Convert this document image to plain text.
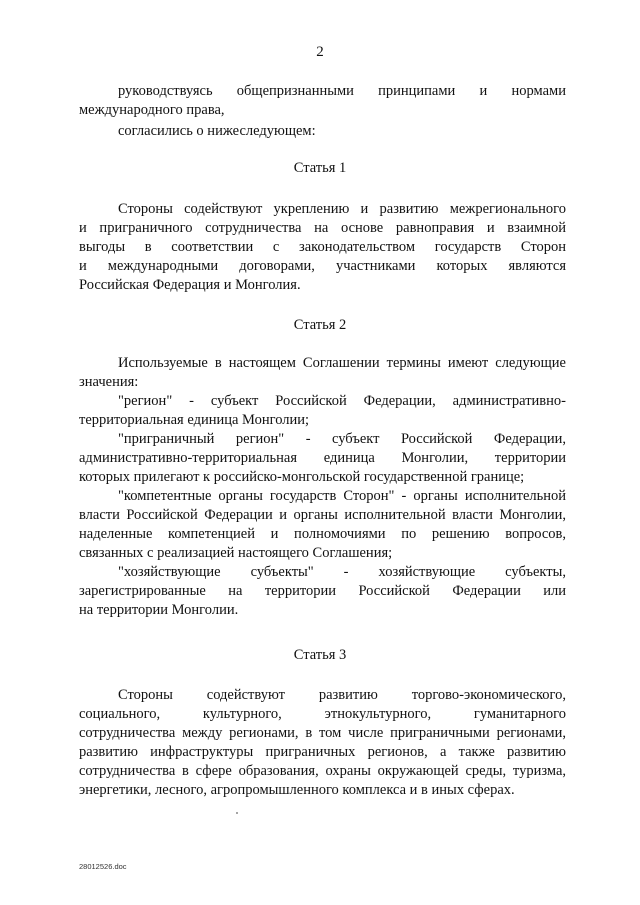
2
руководствуясь общепризнанными принципами и нормами
международного права,
согласились о нижеследующем:
Статья 1
Стороны содействуют укреплению и развитию межрегионального
и приграничного сотрудничества на основе равноправия и взаимной
выгоды в соответствии с законодательством государств Сторон
и международными договорами, участниками которых являются
Российская Федерация и Монголия.
Статья 2
Используемые в настоящем Соглашении термины имеют следующие
значения:
"регион" - субъект Российской Федерации, административно-
территориальная единица Монголии;
"приграничный регион" - субъект Российской Федерации,
административно-территориальная единица Монголии, территории
которых прилегают к российско-монгольской государственной границе;
"компетентные органы государств Сторон" - органы исполнительной
власти Российской Федерации и органы исполнительной власти Монголии,
наделенные компетенцией и полномочиями по решению вопросов,
связанных с реализацией настоящего Соглашения;
"хозяйствующие субъекты" - хозяйствующие субъекты,
зарегистрированные на территории Российской Федерации или
на территории Монголии.
Статья 3
Стороны содействуют развитию торгово-экономического,
социального, культурного, этнокультурного, гуманитарного
сотрудничества между регионами, в том числе приграничными регионами,
развитию инфраструктуры приграничных регионов, а также развитию
сотрудничества в сфере образования, охраны окружающей среды, туризма,
энергетики, лесного, агропромышленного комплекса и в иных сферах.
28012526.doc
